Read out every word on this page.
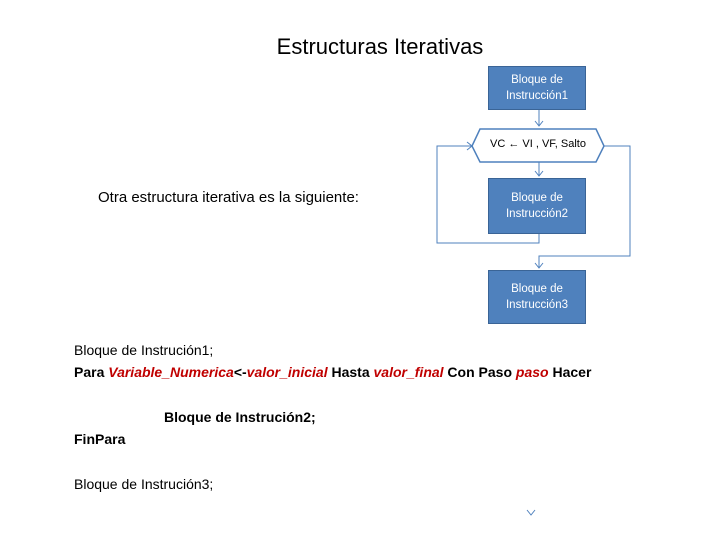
Estructuras Iterativas
Otra estructura iterativa es la siguiente:
Bloque de
Instrucción1
VC ← VI , VF, Salto
Bloque de
Instrucción2
Bloque de
Instrucción3
Bloque de Instrución1;
Para Variable_Numerica<-valor_inicial Hasta valor_final Con Paso paso Hacer
Bloque de Instrución2;
FinPara
Bloque de Instrución3;
